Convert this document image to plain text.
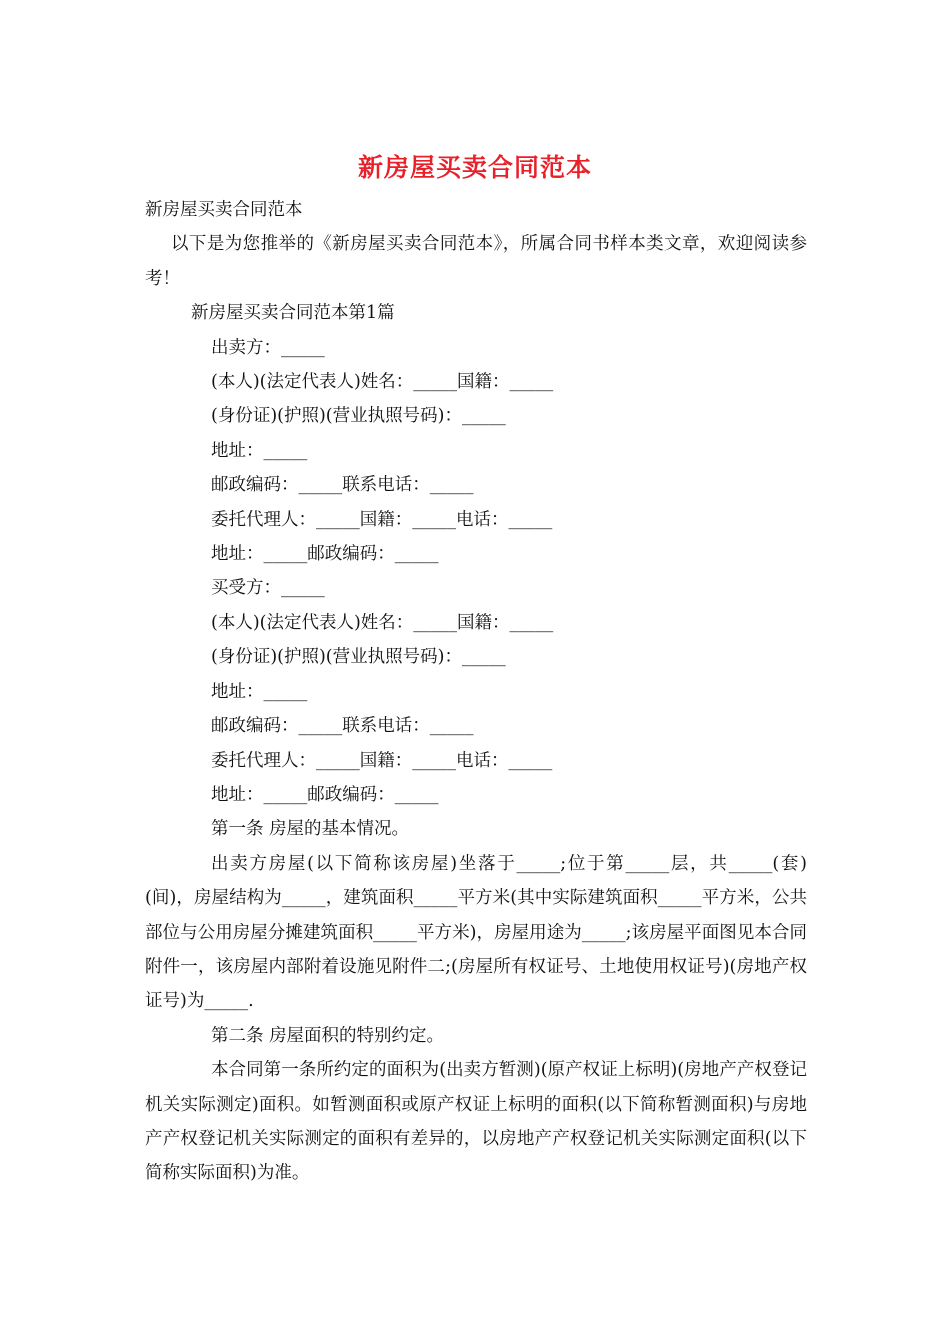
新房屋买卖合同范本

新房屋买卖合同范本

以下是为您推举的《新房屋买卖合同范本》，所属合同书样本类文章，欢迎阅读参考！

新房屋买卖合同范本第1篇

出卖方：_____

(本人)(法定代表人)姓名：_____国籍：_____

(身份证)(护照)(营业执照号码)：_____

地址：_____

邮政编码：_____联系电话：_____

委托代理人：_____国籍：_____电话：_____

地址：_____邮政编码：_____

买受方：_____

(本人)(法定代表人)姓名：_____国籍：_____

(身份证)(护照)(营业执照号码)：_____

地址：_____

邮政编码：_____联系电话：_____

委托代理人：_____国籍：_____电话：_____

地址：_____邮政编码：_____

第一条 房屋的基本情况。

出卖方房屋(以下简称该房屋)坐落于_____;位于第_____层，共_____(套)(间)，房屋结构为_____，建筑面积_____平方米(其中实际建筑面积_____平方米，公共部位与公用房屋分摊建筑面积_____平方米)，房屋用途为_____;该房屋平面图见本合同附件一，该房屋内部附着设施见附件二;(房屋所有权证号、土地使用权证号)(房地产权证号)为_____.

第二条 房屋面积的特别约定。

本合同第一条所约定的面积为(出卖方暂测)(原产权证上标明)(房地产产权登记机关实际测定)面积。如暂测面积或原产权证上标明的面积(以下简称暂测面积)与房地产产权登记机关实际测定的面积有差异的，以房地产产权登记机关实际测定面积(以下简称实际面积)为准。
